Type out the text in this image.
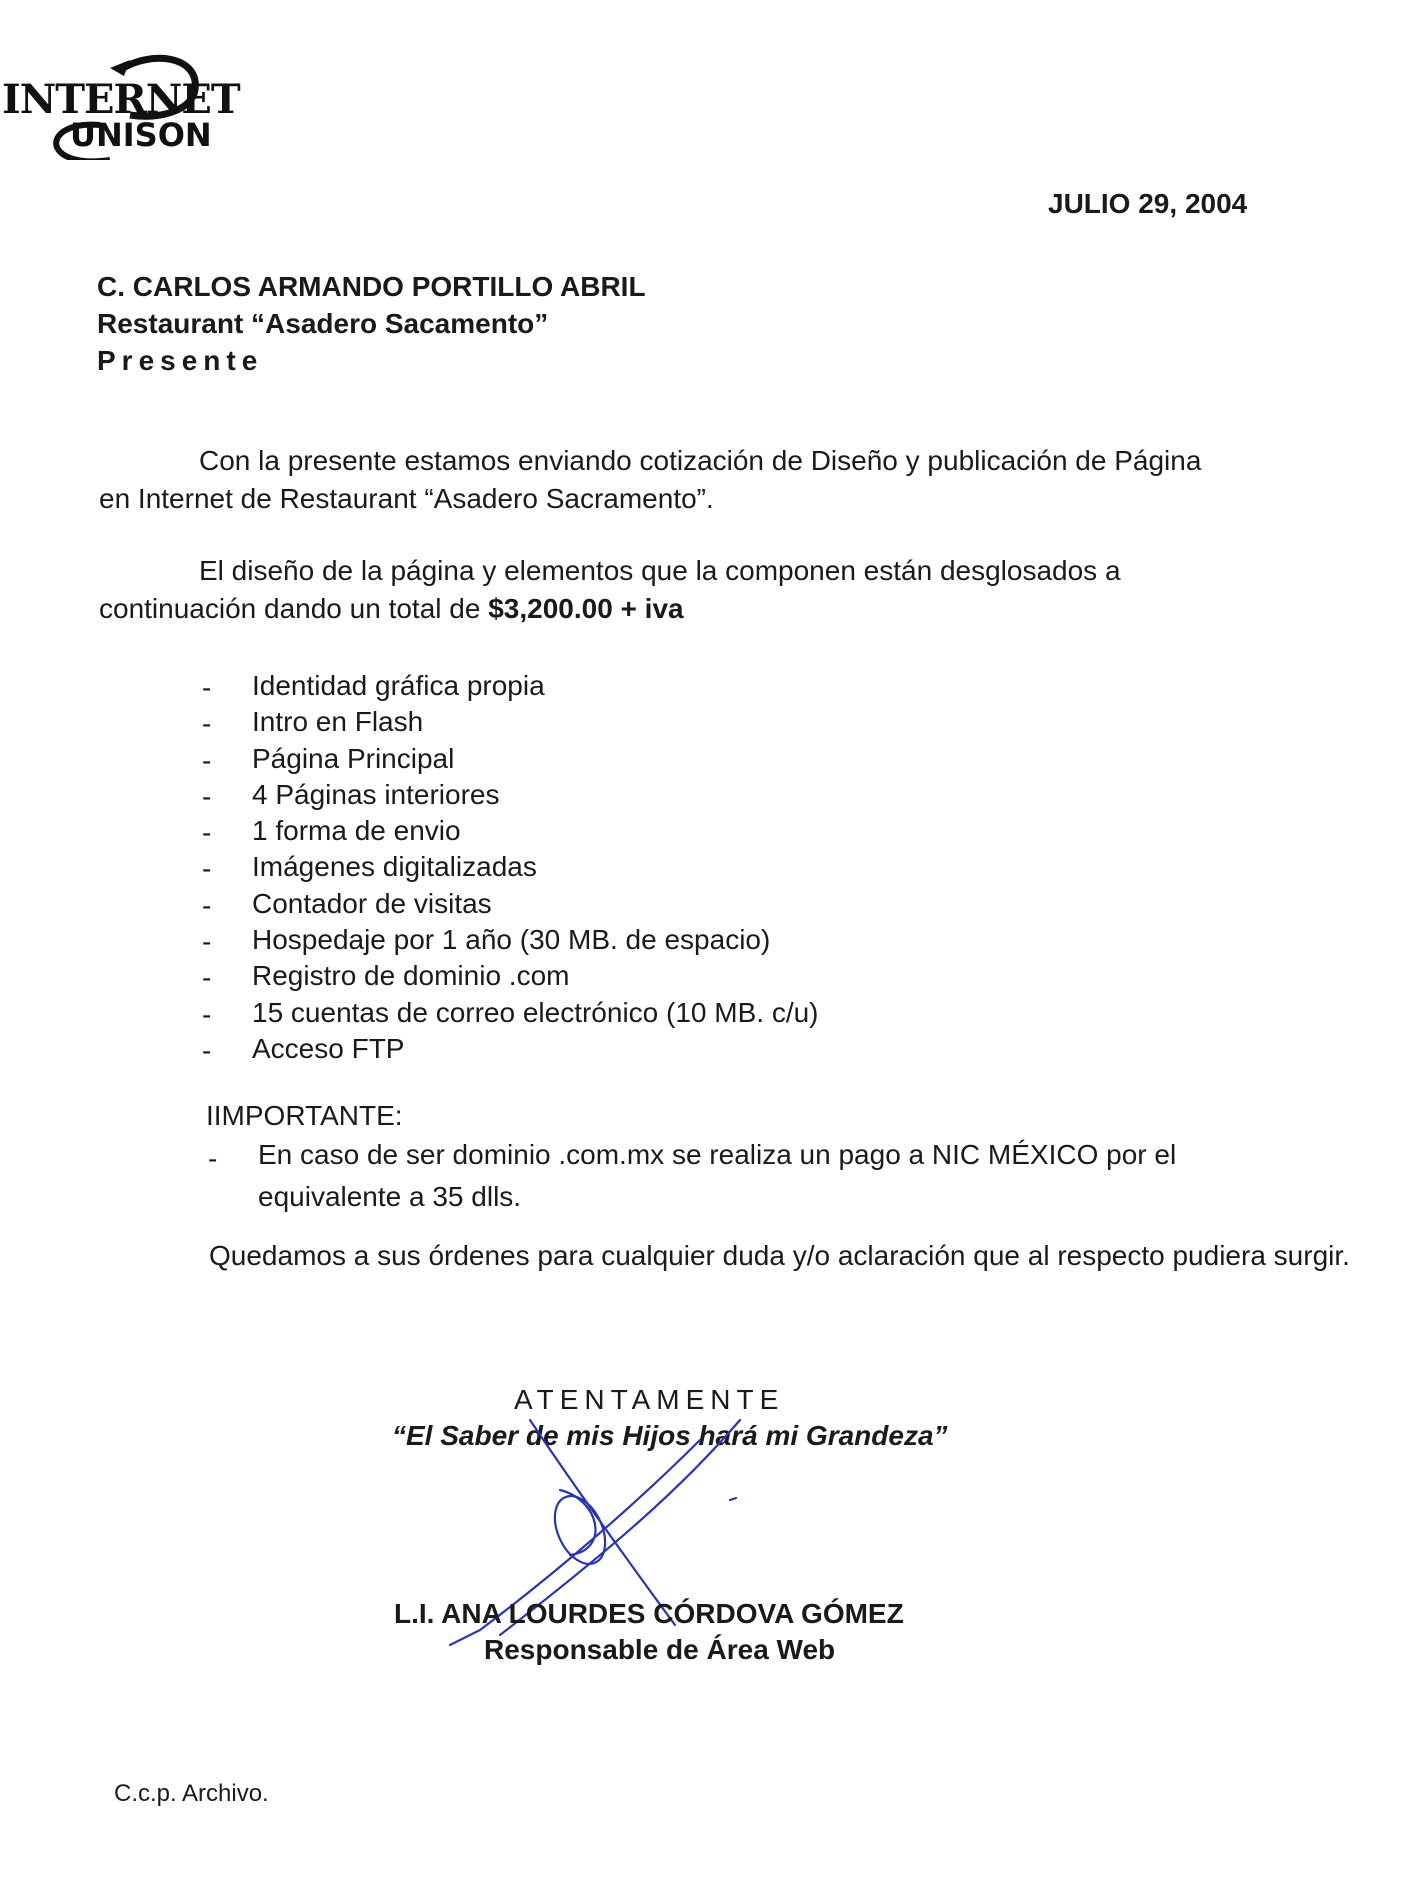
INTERNET
UNISON
JULIO 29, 2004
C. CARLOS ARMANDO PORTILLO ABRIL
Restaurant “Asadero Sacamento”
Presente
Con la presente estamos enviando cotización de Diseño y publicación de Página en Internet de Restaurant “Asadero Sacramento”.
El diseño de la página y elementos que la componen están desglosados a continuación dando un total de $3,200.00 + iva
- Identidad gráfica propia
- Intro en Flash
- Página Principal
- 4 Páginas interiores
- 1 forma de envio
- Imágenes digitalizadas
- Contador de visitas
- Hospedaje por 1 año (30 MB. de espacio)
- Registro de dominio .com
- 15 cuentas de correo electrónico (10 MB. c/u)
- Acceso FTP
IIMPORTANTE:
- En caso de ser dominio .com.mx se realiza un pago a NIC MÉXICO por el equivalente a 35 dlls.
Quedamos a sus órdenes para cualquier duda y/o aclaración que al respecto pudiera surgir.
ATENTAMENTE
“El Saber de mis Hijos hará mi Grandeza”
L.I. ANA LOURDES CÓRDOVA GÓMEZ
Responsable de Área Web
C.c.p. Archivo.
